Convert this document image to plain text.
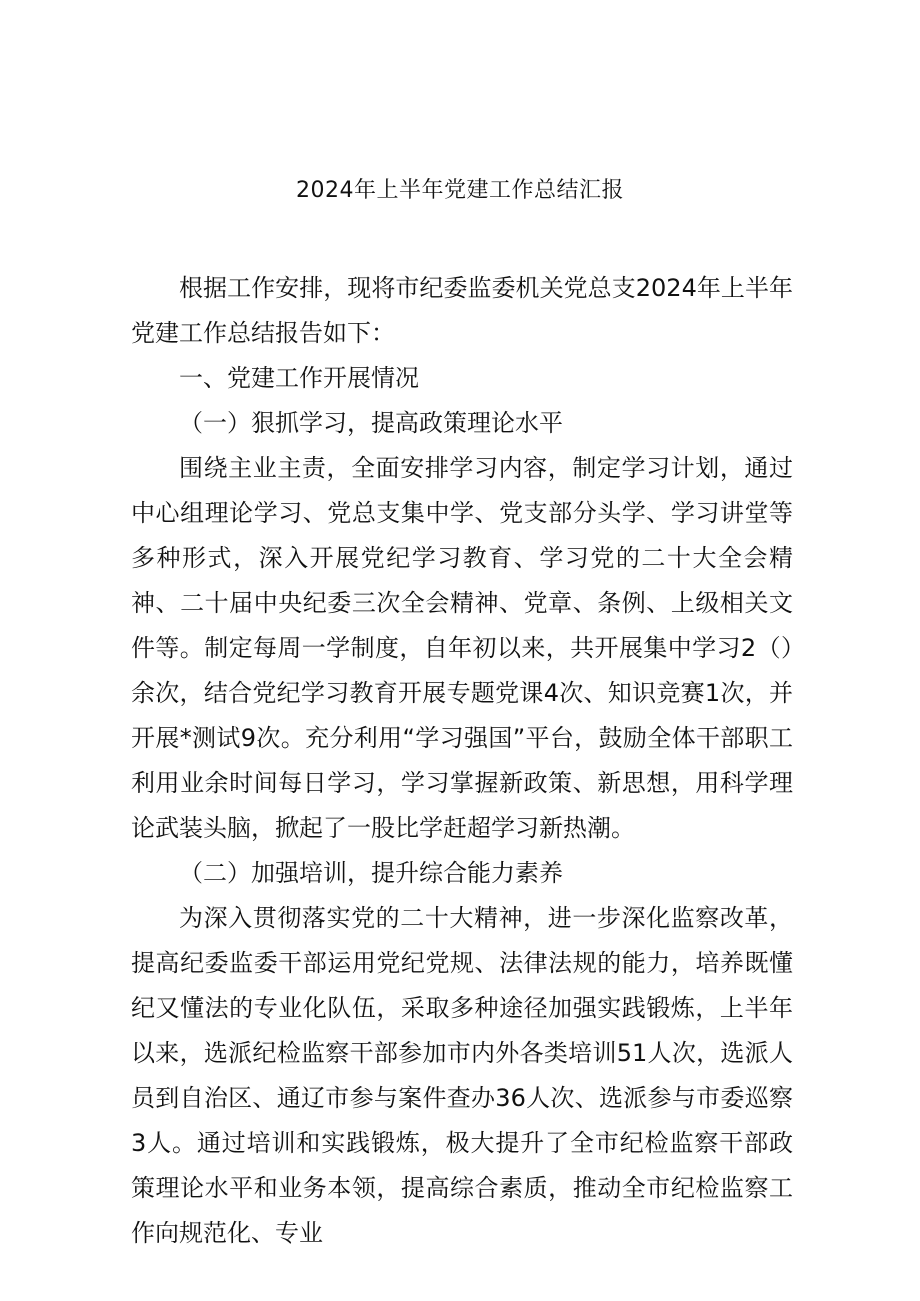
2024年上半年党建工作总结汇报

根据工作安排，现将市纪委监委机关党总支2024年上半年党建工作总结报告如下：

一、党建工作开展情况

（一）狠抓学习，提高政策理论水平

围绕主业主责，全面安排学习内容，制定学习计划，通过中心组理论学习、党总支集中学、党支部分头学、学习讲堂等多种形式，深入开展党纪学习教育、学习党的二十大全会精神、二十届中央纪委三次全会精神、党章、条例、上级相关文件等。制定每周一学制度，自年初以来，共开展集中学习2（）余次，结合党纪学习教育开展专题党课4次、知识竞赛1次，并开展*测试9次。充分利用“学习强国”平台，鼓励全体干部职工利用业余时间每日学习，学习掌握新政策、新思想，用科学理论武装头脑，掀起了一股比学赶超学习新热潮。

（二）加强培训，提升综合能力素养

为深入贯彻落实党的二十大精神，进一步深化监察改革，提高纪委监委干部运用党纪党规、法律法规的能力，培养既懂纪又懂法的专业化队伍，采取多种途径加强实践锻炼，上半年以来，选派纪检监察干部参加市内外各类培训51人次，选派人员到自治区、通辽市参与案件查办36人次、选派参与市委巡察3人。通过培训和实践锻炼，极大提升了全市纪检监察干部政策理论水平和业务本领，提高综合素质，推动全市纪检监察工作向规范化、专业
